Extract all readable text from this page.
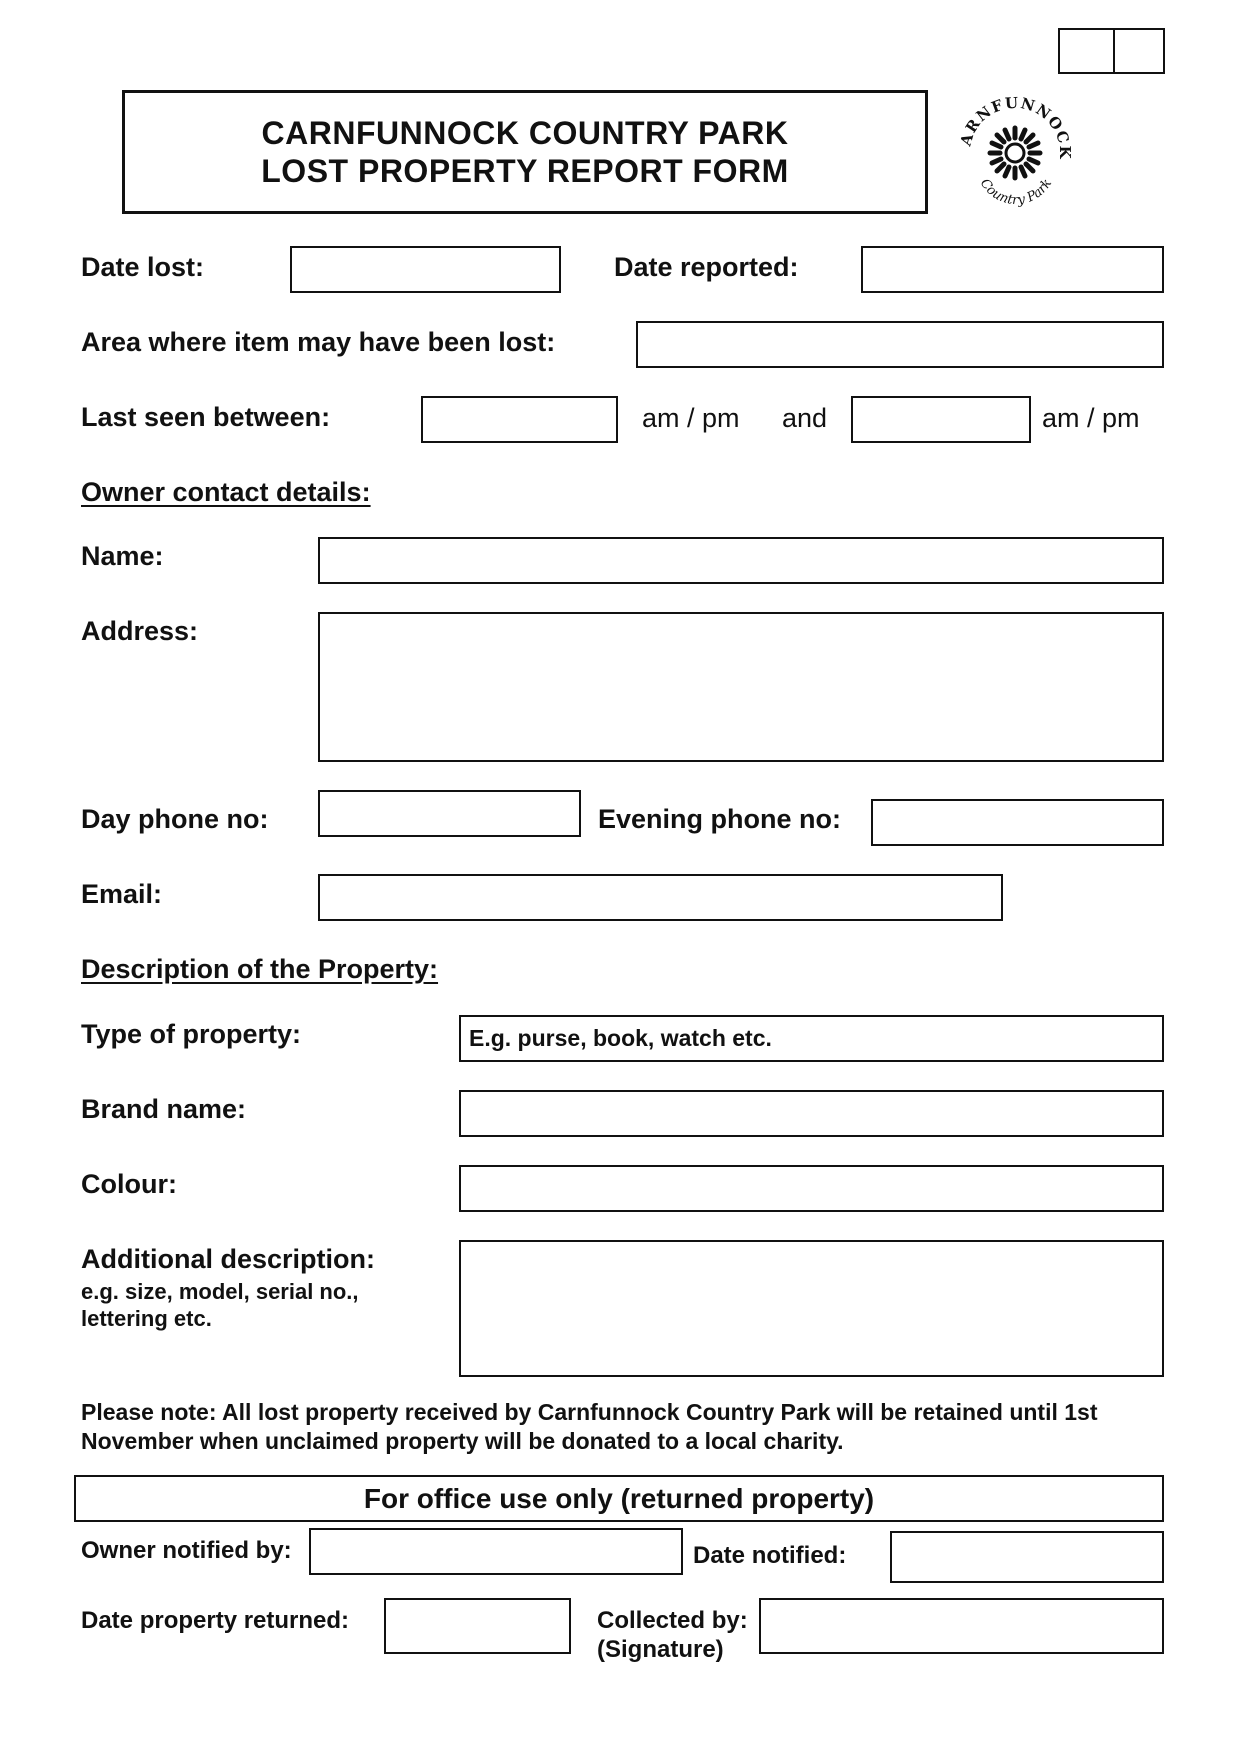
CARNFUNNOCK COUNTRY PARK
LOST PROPERTY REPORT FORM
ARNFUNNOCK
Country Park
Date lost:	Date reported:
Area where item may have been lost:
Last seen between:	am / pm and	am / pm
Owner contact details:
Name:
Address:
Day phone no:	Evening phone no:
Email:
Description of the Property:
Type of property:	E.g. purse, book, watch etc.
Brand name:
Colour:
Additional description:
e.g. size, model, serial no., lettering etc.
Please note: All lost property received by Carnfunnock Country Park will be retained until 1st November when unclaimed property will be donated to a local charity.
For office use only (returned property)
Owner notified by:	Date notified:
Date property returned:	Collected by:
(Signature)
